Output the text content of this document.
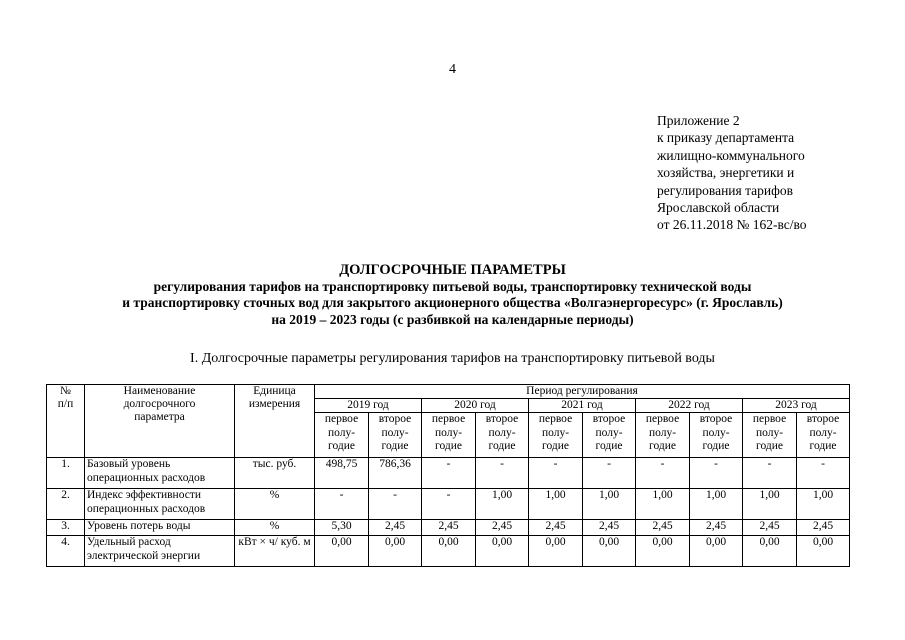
4
Приложение 2
к приказу департамента
жилищно-коммунального
хозяйства, энергетики и
регулирования тарифов
Ярославской области
от 26.11.2018 № 162-вс/во
ДОЛГОСРОЧНЫЕ ПАРАМЕТРЫ
регулирования тарифов на транспортировку питьевой воды, транспортировку технической воды
и транспортировку сточных вод для закрытого акционерного общества «Волгаэнергоресурс» (г. Ярославль)
на 2019 – 2023 годы (с разбивкой на календарные периоды)
I. Долгосрочные параметры регулирования тарифов на транспортировку питьевой воды
№
п/п	Наименование
долгосрочного
параметра	Единица
измерения	Период регулирования									
			2019 год		2020 год		2021 год		2022 год		2023 год	
			первое
полу-
годие	второе
полу-
годие	первое
полу-
годие	второе
полу-
годие	первое
полу-
годие	второе
полу-
годие	первое
полу-
годие	второе
полу-
годие	первое
полу-
годие	второе
полу-
годие
1.	Базовый уровень операционных расходов	тыс. руб.	498,75	786,36	-	-	-	-	-	-	-	-
2.	Индекс эффективности операционных расходов	%	-	-	-	1,00	1,00	1,00	1,00	1,00	1,00	1,00
3.	Уровень потерь воды	%	5,30	2,45	2,45	2,45	2,45	2,45	2,45	2,45	2,45	2,45
4.	Удельный расход электрической энергии	кВт × ч/ куб. м	0,00	0,00	0,00	0,00	0,00	0,00	0,00	0,00	0,00	0,00
